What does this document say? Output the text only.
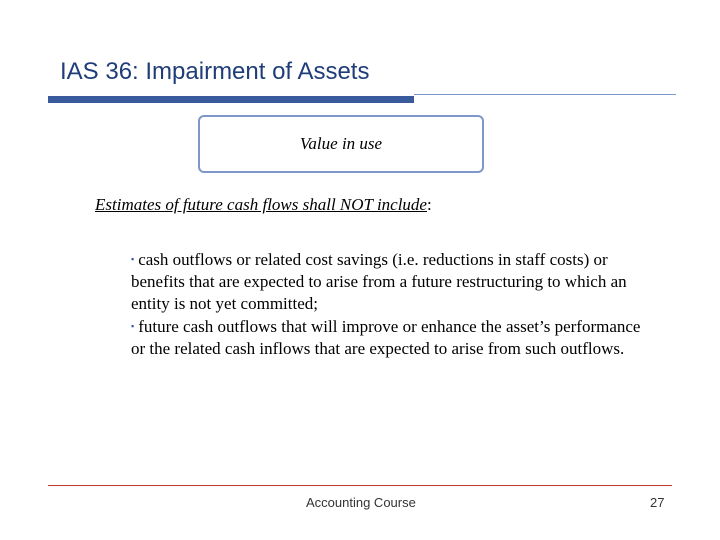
IAS 36: Impairment of Assets
Value in use
Estimates of future cash flows shall NOT include:
▪ cash outflows or related cost savings (i.e. reductions in staff costs) or benefits that are expected to arise from a future restructuring to which an entity is not yet committed;
▪ future cash outflows that will improve or enhance the asset’s performance or the related cash inflows that are expected to arise from such outflows.
Accounting Course	27
